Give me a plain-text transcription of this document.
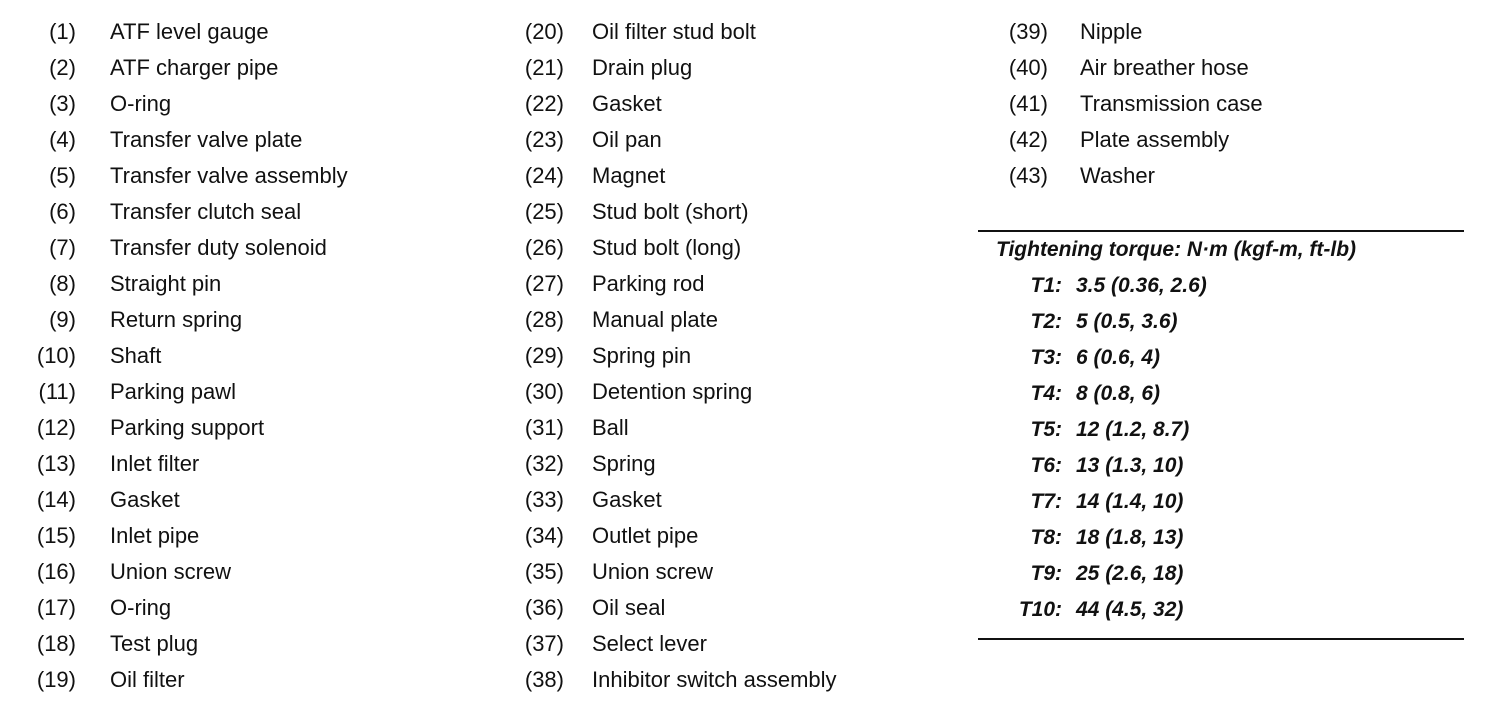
(1) ATF level gauge
(2) ATF charger pipe
(3) O-ring
(4) Transfer valve plate
(5) Transfer valve assembly
(6) Transfer clutch seal
(7) Transfer duty solenoid
(8) Straight pin
(9) Return spring
(10) Shaft
(11) Parking pawl
(12) Parking support
(13) Inlet filter
(14) Gasket
(15) Inlet pipe
(16) Union screw
(17) O-ring
(18) Test plug
(19) Oil filter
(20) Oil filter stud bolt
(21) Drain plug
(22) Gasket
(23) Oil pan
(24) Magnet
(25) Stud bolt (short)
(26) Stud bolt (long)
(27) Parking rod
(28) Manual plate
(29) Spring pin
(30) Detention spring
(31) Ball
(32) Spring
(33) Gasket
(34) Outlet pipe
(35) Union screw
(36) Oil seal
(37) Select lever
(38) Inhibitor switch assembly
(39) Nipple
(40) Air breather hose
(41) Transmission case
(42) Plate assembly
(43) Washer
Tightening torque: N·m (kgf-m, ft-lb)
T1: 3.5 (0.36, 2.6)
T2: 5 (0.5, 3.6)
T3: 6 (0.6, 4)
T4: 8 (0.8, 6)
T5: 12 (1.2, 8.7)
T6: 13 (1.3, 10)
T7: 14 (1.4, 10)
T8: 18 (1.8, 13)
T9: 25 (2.6, 18)
T10: 44 (4.5, 32)
